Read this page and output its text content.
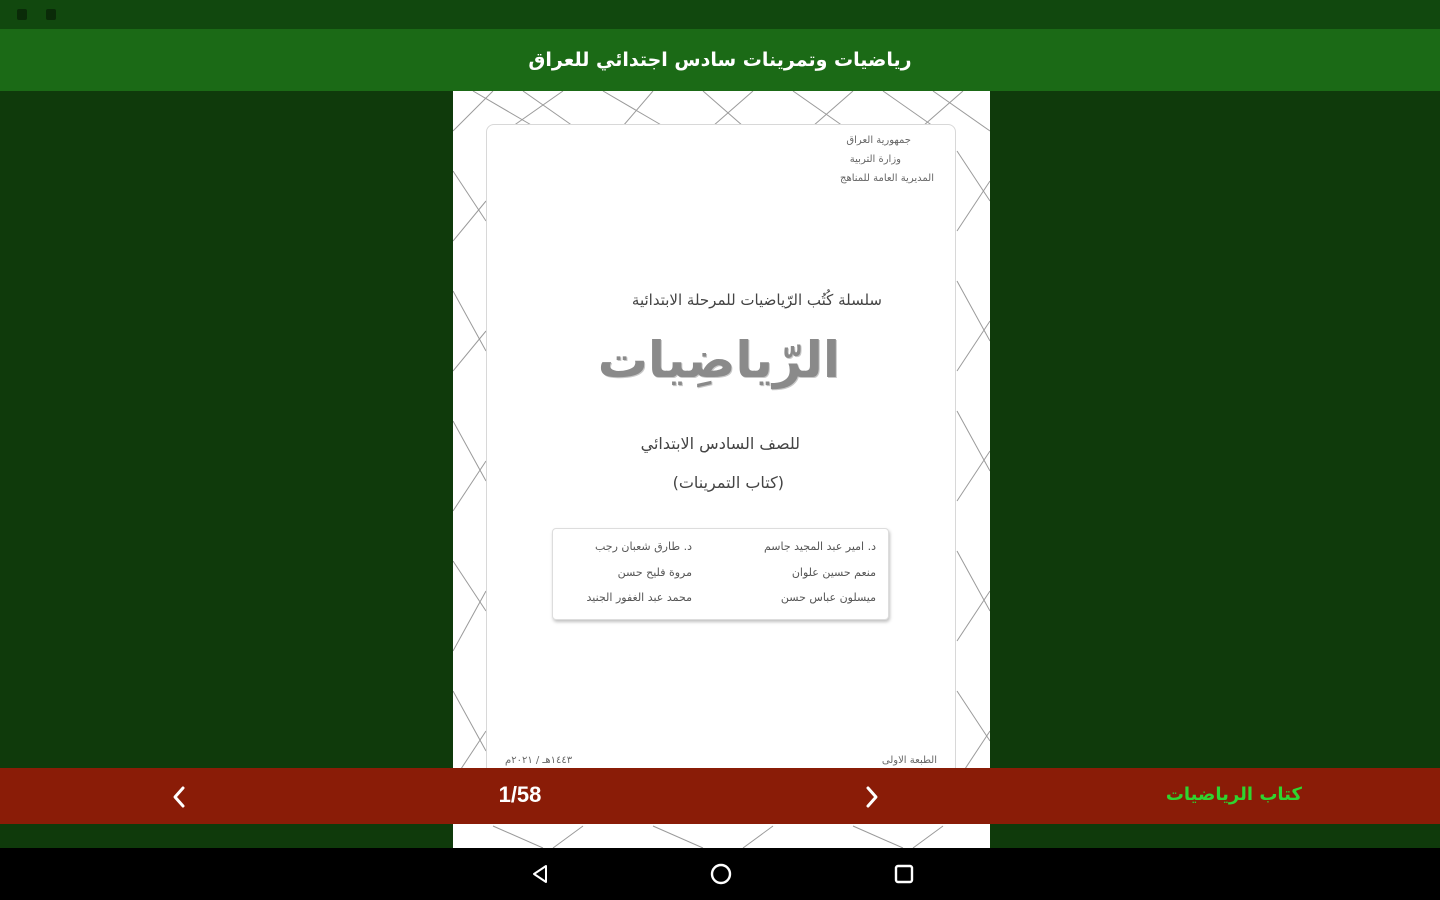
رياضيات وتمرينات سادس اجتدائي للعراق
جمهورية العراق
وزارة التربية
المديرية العامة للمناهج
سلسلة كُتُب الرّياضيات للمرحلة الابتدائية
الرّياضِيات
للصف السادس الابتدائي
(كتاب التمرينات)
د. امير عبد المجيد جاسم
منعم حسين علوان
ميسلون عباس حسن
د. طارق شعبان رجب
مروة فليح حسن
محمد عبد الغفور الجنيد
الطبعة الاولى
١٤٤٣هـ / ٢٠٢١م
1/58	كتاب الرياضيات
